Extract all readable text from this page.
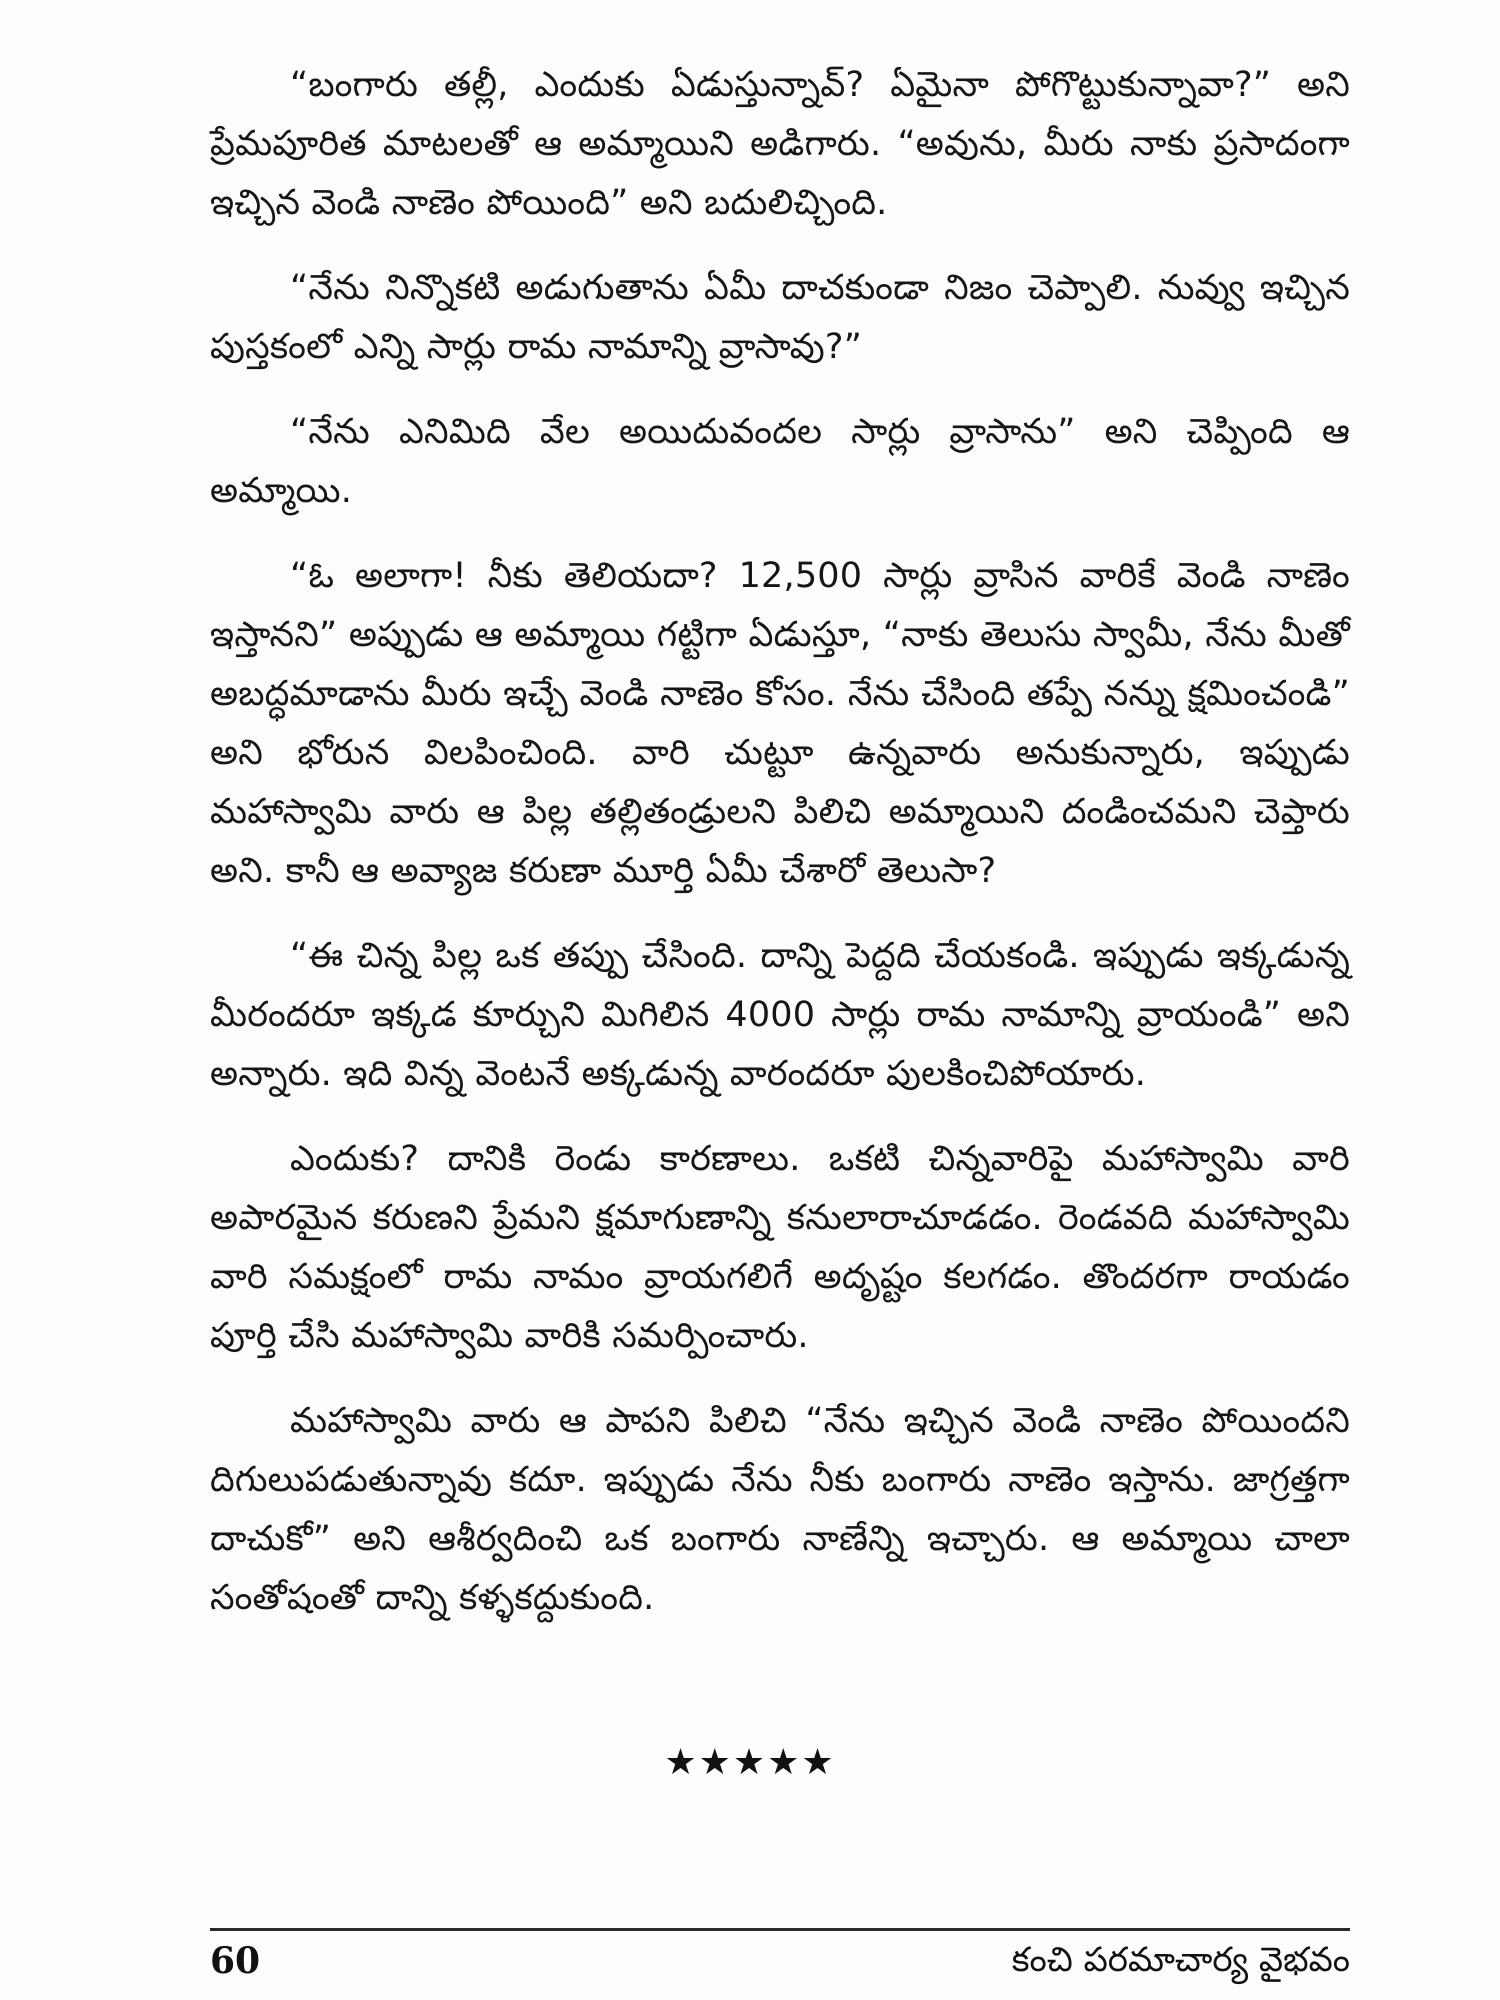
“బంగారు తల్లీ, ఎందుకు ఏడుస్తున్నావ్? ఏమైనా పోగొట్టుకున్నావా?” అని ప్రేమపూరిత మాటలతో ఆ అమ్మాయిని అడిగారు. “అవును, మీరు నాకు ప్రసాదంగా ఇచ్చిన వెండి నాణెం పోయింది” అని బదులిచ్చింది.

“నేను నిన్నొకటి అడుగుతాను ఏమీ దాచకుండా నిజం చెప్పాలి. నువ్వు ఇచ్చిన పుస్తకంలో ఎన్ని సార్లు రామ నామాన్ని వ్రాసావు?”

“నేను ఎనిమిది వేల అయిదువందల సార్లు వ్రాసాను” అని చెప్పింది ఆ అమ్మాయి.

“ఓ అలాగా! నీకు తెలియదా? 12,500 సార్లు వ్రాసిన వారికే వెండి నాణెం ఇస్తానని” అప్పుడు ఆ అమ్మాయి గట్టిగా ఏడుస్తూ, “నాకు తెలుసు స్వామీ, నేను మీతో అబద్ధమాడాను మీరు ఇచ్చే వెండి నాణెం కోసం. నేను చేసింది తప్పే నన్ను క్షమించండి” అని భోరున విలపించింది. వారి చుట్టూ ఉన్నవారు అనుకున్నారు, ఇప్పుడు మహాస్వామి వారు ఆ పిల్ల తల్లితండ్రులని పిలిచి అమ్మాయిని దండించమని చెప్తారు అని. కానీ ఆ అవ్యాజ కరుణా మూర్తి ఏమీ చేశారో తెలుసా?

“ఈ చిన్న పిల్ల ఒక తప్పు చేసింది. దాన్ని పెద్దది చేయకండి. ఇప్పుడు ఇక్కడున్న మీరందరూ ఇక్కడ కూర్చుని మిగిలిన 4000 సార్లు రామ నామాన్ని వ్రాయండి” అని అన్నారు. ఇది విన్న వెంటనే అక్కడున్న వారందరూ పులకించిపోయారు.

ఎందుకు? దానికి రెండు కారణాలు. ఒకటి చిన్నవారిపై మహాస్వామి వారి అపారమైన కరుణని ప్రేమని క్షమాగుణాన్ని కనులారాచూడడం. రెండవది మహాస్వామి వారి సమక్షంలో రామ నామం వ్రాయగలిగే అదృష్టం కలగడం. తొందరగా రాయడం పూర్తి చేసి మహాస్వామి వారికి సమర్పించారు.

మహాస్వామి వారు ఆ పాపని పిలిచి “నేను ఇచ్చిన వెండి నాణెం పోయిందని దిగులుపడుతున్నావు కదూ. ఇప్పుడు నేను నీకు బంగారు నాణెం ఇస్తాను. జాగ్రత్తగా దాచుకో” అని ఆశీర్వదించి ఒక బంగారు నాణేన్ని ఇచ్చారు. ఆ అమ్మాయి చాలా సంతోషంతో దాన్ని కళ్ళకద్దుకుంది.

★★★★★
60	కంచి పరమాచార్య వైభవం
